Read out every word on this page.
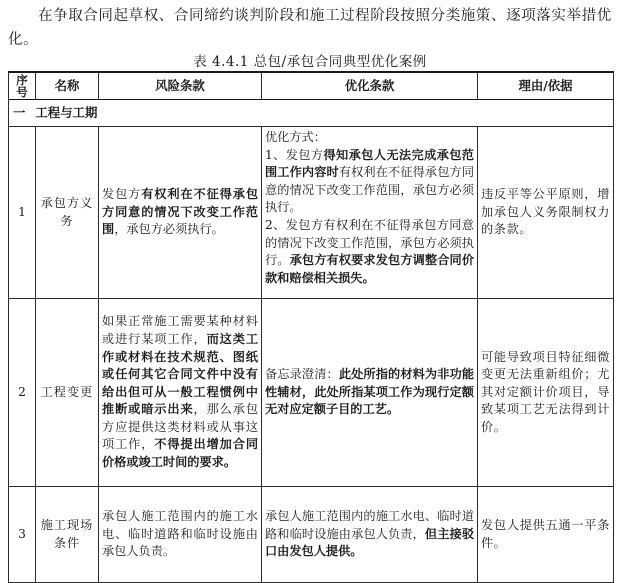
在争取合同起草权、合同缔约谈判阶段和施工过程阶段按照分类施策、逐项落实举措优化。

表 4.4.1 总包/承包合同典型优化案例

序号	名称	风险条款	优化条款	理由/依据
一 工程与工期				
1	承包方义务	发包方有权利在不征得承包方同意的情况下改变工作范围，承包方必须执行。	优化方式：
1、发包方得知承包人无法完成承包范围工作内容时有权利在不征得承包方同意的情况下改变工作范围，承包方必须执行。
2、发包方有权利在不征得承包方同意的情况下改变工作范围，承包方必须执行。承包方有权要求发包方调整合同价款和赔偿相关损失。	违反平等公平原则，增加承包人义务限制权力的条款。
2	工程变更	如果正常施工需要某种材料或进行某项工作，而这类工作或材料在技术规范、图纸或任何其它合同文件中没有给出但可从一般工程惯例中推断或暗示出来，那么承包方应提供这类材料或从事这项工作，不得提出增加合同价格或竣工时间的要求。	备忘录澄清：此处所指的材料为非功能性辅材，此处所指某项工作为现行定额无对应定额子目的工艺。	可能导致项目特征细微变更无法重新组价；尤其对定额计价项目，导致某项工艺无法得到计价。
3	施工现场条件	承包人施工范围内的施工水电、临时道路和临时设施由承包人负责。	承包人施工范围内的施工水电、临时道路和临时设施由承包人负责，但主接驳口由发包人提供。	发包人提供五通一平条件。
